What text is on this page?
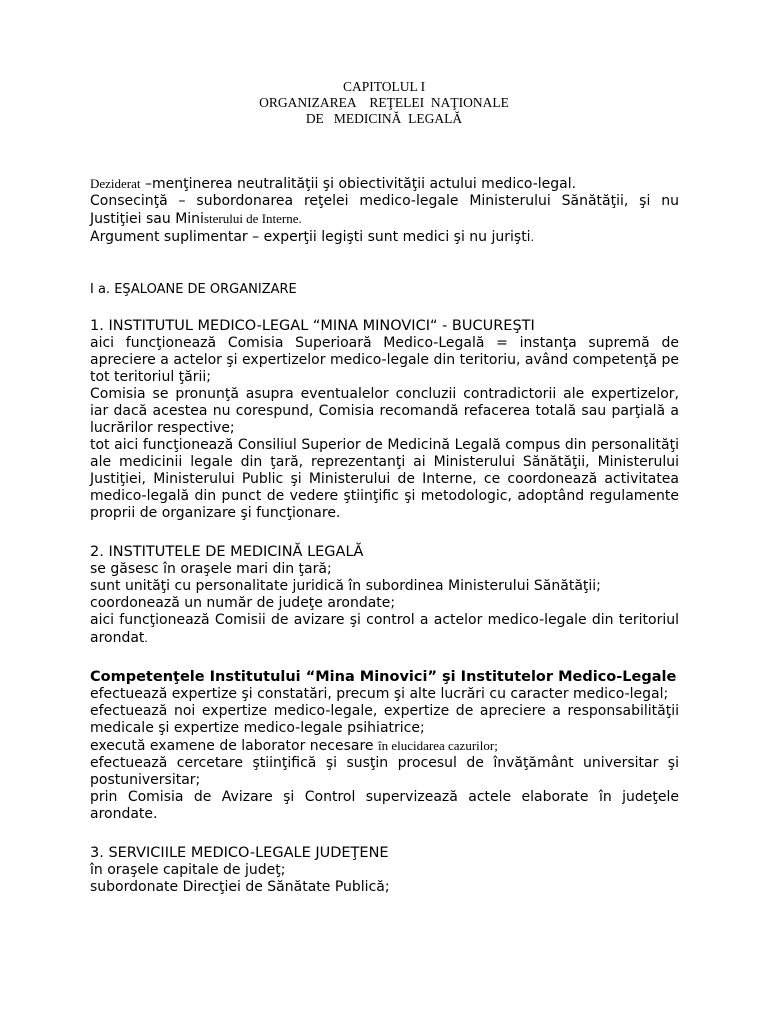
CAPITOLUL I
ORGANIZAREA    REŢELEI  NAŢIONALE
DE   MEDICINĂ  LEGALĂ

Deziderat –menţinerea neutralităţii şi obiectivităţii actului medico-legal.

Consecinţă – subordonarea reţelei medico-legale Ministerului Sănătăţii, şi nu Justiţiei sau Ministerului de Interne.

Argument suplimentar – experţii legişti sunt medici şi nu jurişti.

I a. EŞALOANE DE ORGANIZARE

1. INSTITUTUL MEDICO-LEGAL “MINA MINOVICI“ - BUCUREŞTI

aici funcţionează Comisia Superioară Medico-Legală = instanţa supremă de apreciere a actelor şi expertizelor medico-legale din teritoriu, având competenţă pe tot teritoriul ţării;

Comisia se pronunţă asupra eventualelor concluzii contradictorii ale expertizelor, iar dacă acestea nu corespund, Comisia recomandă refacerea totală sau parţială a lucrărilor respective;

tot aici funcţionează Consiliul Superior de Medicină Legală compus din personalităţi ale medicinii legale din ţară, reprezentanţi ai Ministerului Sănătăţii, Ministerului Justiţiei, Ministerului Public şi Ministerului de Interne, ce coordonează activitatea medico-legală din punct de vedere ştiinţific şi metodologic, adoptând regulamente proprii de organizare şi funcţionare.

2. INSTITUTELE DE MEDICINĂ LEGALĂ

se găsesc în oraşele mari din ţară;

sunt unităţi cu personalitate juridică în subordinea Ministerului Sănătăţii;

coordonează un număr de judeţe arondate;

aici funcţionează Comisii de avizare şi control a actelor medico-legale din teritoriul arondat.

Competenţele Institutului “Mina Minovici” şi Institutelor Medico-Legale

efectuează expertize şi constatări, precum şi alte lucrări cu caracter medico-legal;

efectuează noi expertize medico-legale, expertize de apreciere a responsabilităţii medicale şi expertize medico-legale psihiatrice;

execută examene de laborator necesare în elucidarea cazurilor;

efectuează cercetare ştiinţifică şi susţin procesul de învăţământ universitar şi postuniversitar;

prin Comisia de Avizare şi Control supervizează actele elaborate în judeţele arondate.

3. SERVICIILE MEDICO-LEGALE JUDEŢENE

în oraşele capitale de judeţ;

subordonate Direcţiei de Sănătate Publică;
